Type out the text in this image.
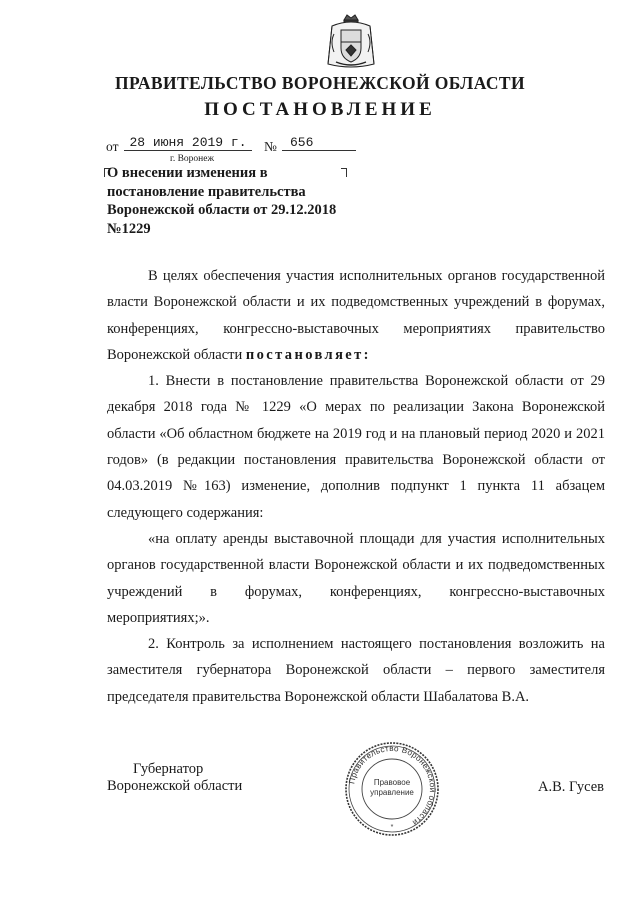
ПРАВИТЕЛЬСТВО ВОРОНЕЖСКОЙ ОБЛАСТИ
ПОСТАНОВЛЕНИЕ
от 28 июня 2019 г.	№	656
г. Воронеж
О внесении изменения в постановление правительства Воронежской области от 29.12.2018 №1229

В целях обеспечения участия исполнительных органов государственной власти Воронежской области и их подведомственных учреждений в форумах, конференциях, конгрессно-выставочных мероприятиях правительство Воронежской области постановляет:

1. Внести в постановление правительства Воронежской области от 29 декабря 2018 года № 1229 «О мерах по реализации Закона Воронежской области «Об областном бюджете на 2019 год и на плановый период 2020 и 2021 годов» (в редакции постановления правительства Воронежской области от 04.03.2019 №163) изменение, дополнив подпункт 1 пункта 11 абзацем следующего содержания:

«на оплату аренды выставочной площади для участия исполнительных органов государственной власти Воронежской области и их подведомственных учреждений в форумах, конференциях, конгрессно-выставочных мероприятиях;».

2. Контроль за исполнением настоящего постановления возложить на заместителя губернатора Воронежской области – первого заместителя председателя правительства Воронежской области Шабалатова В.А.

Губернатор
Воронежской области	Правительство Воронежской области
Правовое
управление
*
А.В. Гусев
